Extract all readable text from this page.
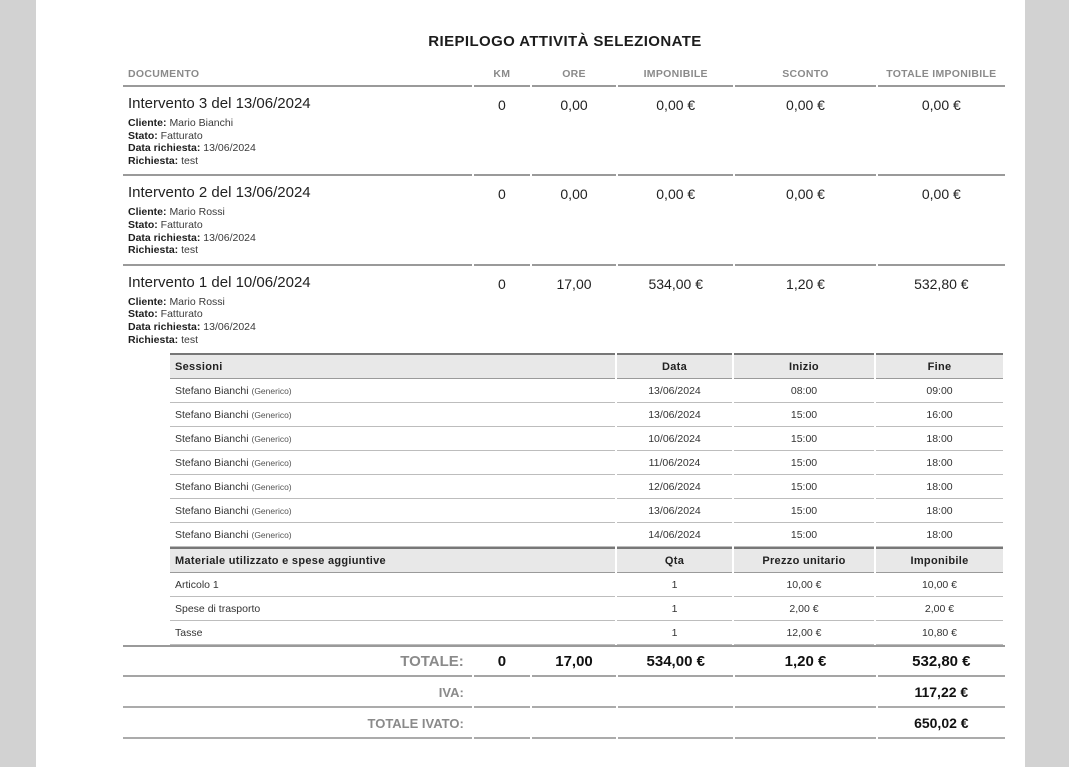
RIEPILOGO ATTIVITÀ SELEZIONATE
DOCUMENTO	KM	ORE	IMPONIBILE	SCONTO	TOTALE IMPONIBILE

Intervento 3 del 13/06/2024
Cliente: Mario Bianchi
Stato: Fatturato
Data richiesta: 13/06/2024
Richiesta: test
	0	0,00	0,00 €	0,00 €	0,00 €

Intervento 2 del 13/06/2024
Cliente: Mario Rossi
Stato: Fatturato
Data richiesta: 13/06/2024
Richiesta: test
	0	0,00	0,00 €	0,00 €	0,00 €

Intervento 1 del 10/06/2024
Cliente: Mario Rossi
Stato: Fatturato
Data richiesta: 13/06/2024
Richiesta: test
	0	17,00	534,00 €	1,20 €	532,80 €

Sessioni	Data	Inizio	Fine
Stefano Bianchi (Generico)	13/06/2024	08:00	09:00
Stefano Bianchi (Generico)	13/06/2024	15:00	16:00
Stefano Bianchi (Generico)	10/06/2024	15:00	18:00
Stefano Bianchi (Generico)	11/06/2024	15:00	18:00
Stefano Bianchi (Generico)	12/06/2024	15:00	18:00
Stefano Bianchi (Generico)	13/06/2024	15:00	18:00
Stefano Bianchi (Generico)	14/06/2024	15:00	18:00
Materiale utilizzato e spese aggiuntive	Qta	Prezzo unitario	Imponibile
Articolo 1	1	10,00 €	10,00 €
Spese di trasporto	1	2,00 €	2,00 €
Tasse	1	12,00 €	10,80 €

TOTALE:	0	17,00	534,00 €	1,20 €	532,80 €
IVA:					117,22 €
TOTALE IVATO:					650,02 €
